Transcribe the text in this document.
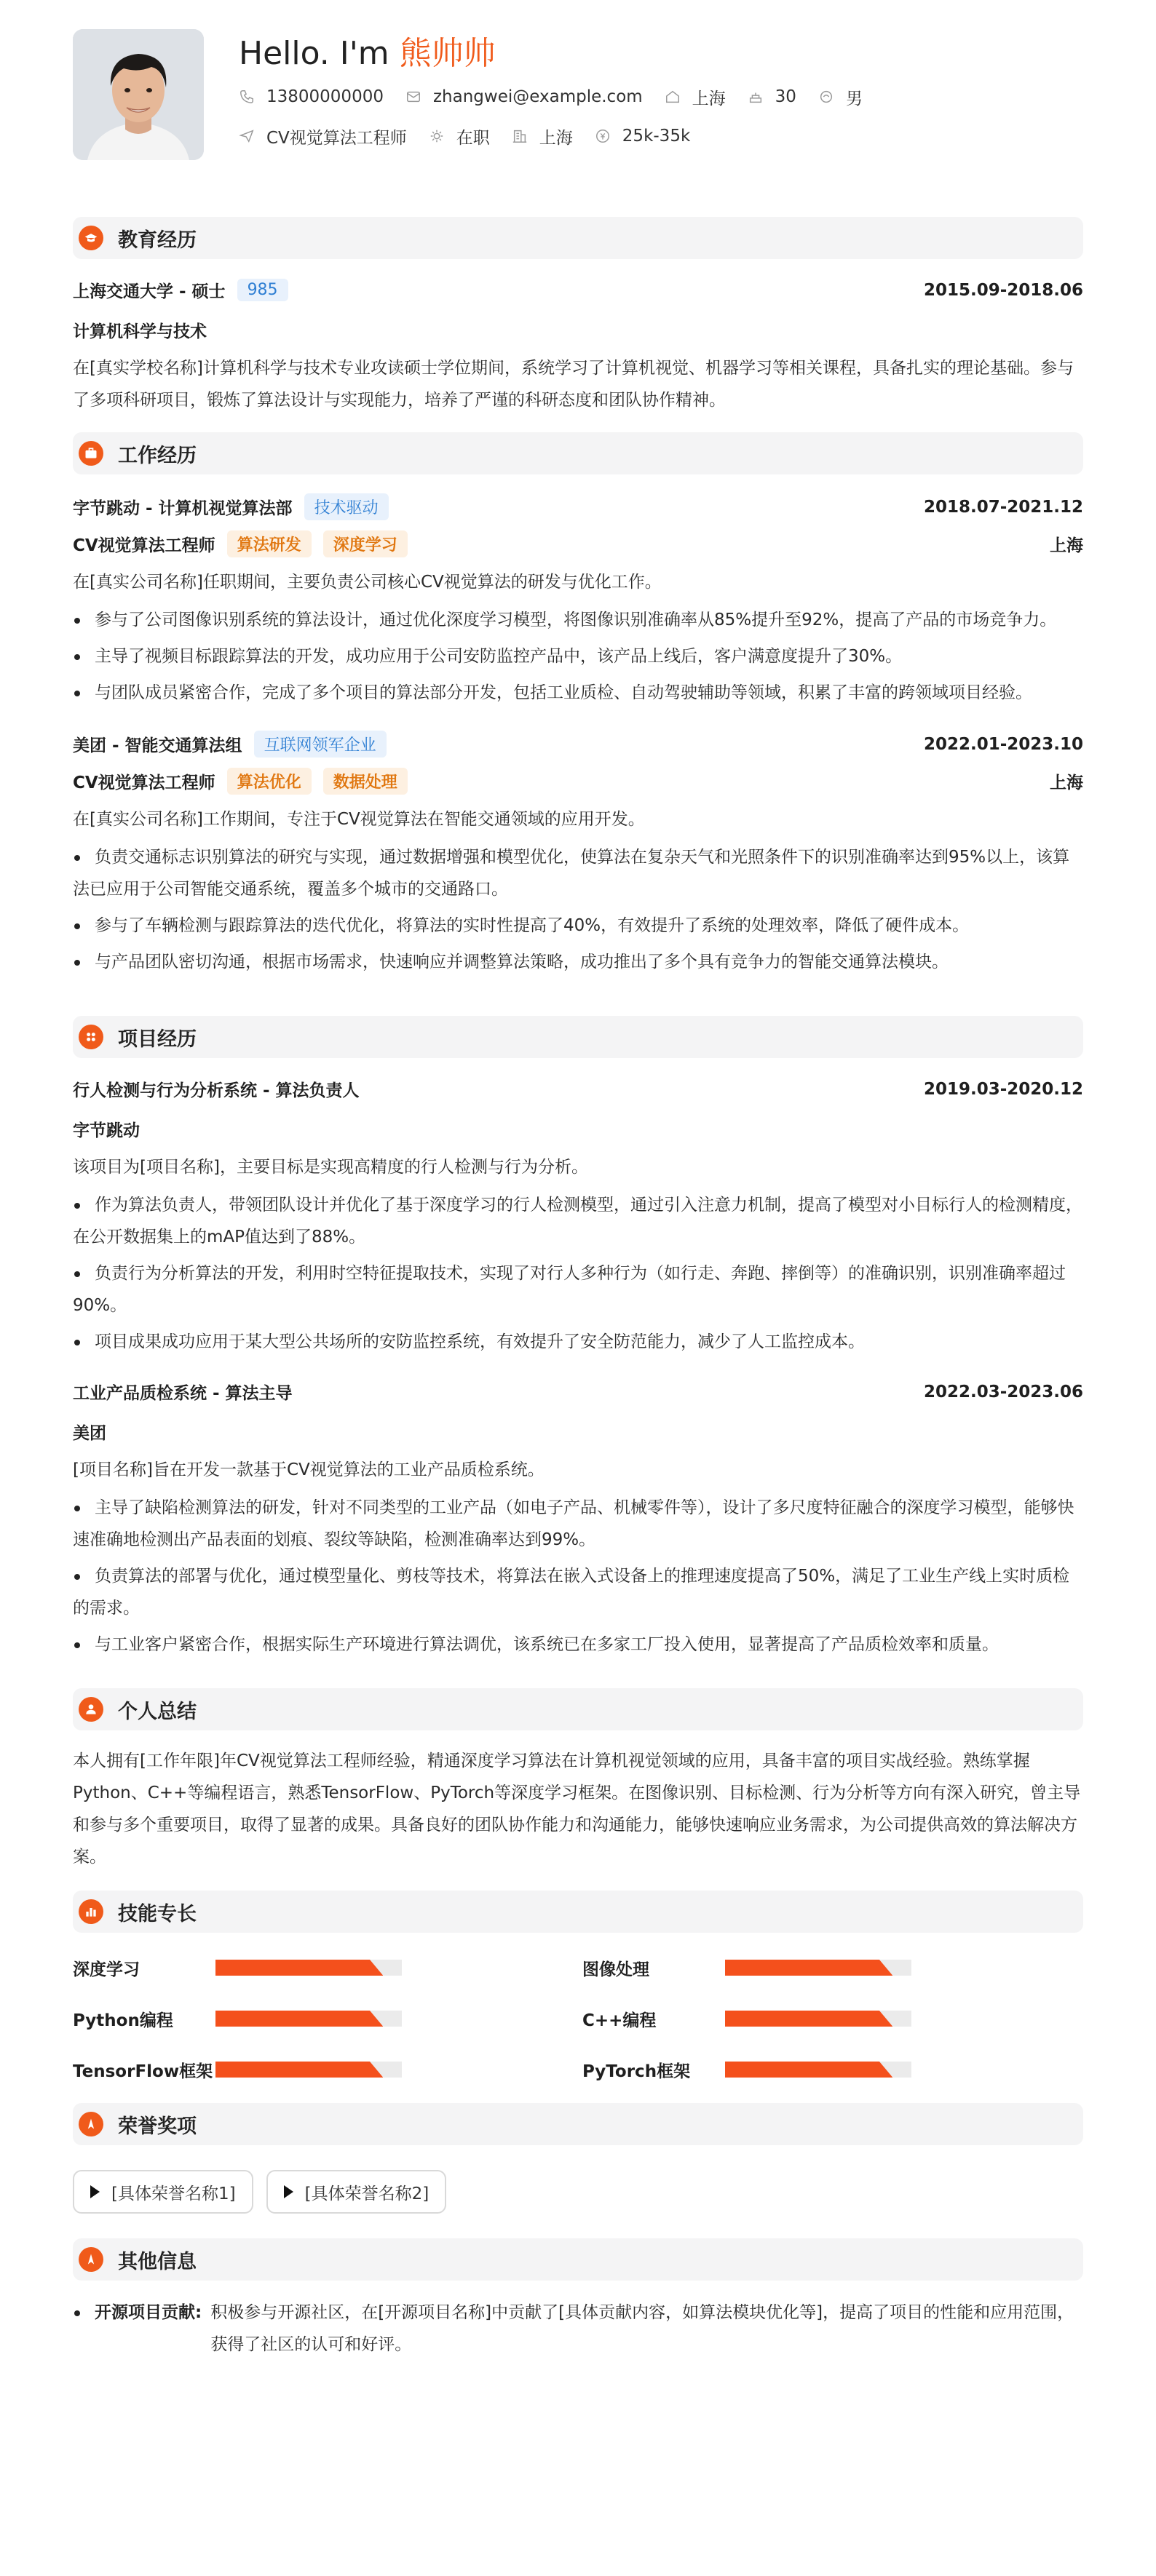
Hello. I'm 熊帅帅
13800000000	zhangwei@example.com	上海	30	男
CV视觉算法工程师	在职	上海	25k-35k
教育经历
上海交通大学 - 硕士	985	2015.09-2018.06
计算机科学与技术
在[真实学校名称]计算机科学与技术专业攻读硕士学位期间，系统学习了计算机视觉、机器学习等相关课程，具备扎实的理论基础。参与了多项科研项目，锻炼了算法设计与实现能力，培养了严谨的科研态度和团队协作精神。
工作经历
字节跳动 - 计算机视觉算法部	技术驱动	2018.07-2021.12
CV视觉算法工程师	算法研发	深度学习	上海
在[真实公司名称]任职期间，主要负责公司核心CV视觉算法的研发与优化工作。
参与了公司图像识别系统的算法设计，通过优化深度学习模型，将图像识别准确率从85%提升至92%，提高了产品的市场竞争力。
主导了视频目标跟踪算法的开发，成功应用于公司安防监控产品中，该产品上线后，客户满意度提升了30%。
与团队成员紧密合作，完成了多个项目的算法部分开发，包括工业质检、自动驾驶辅助等领域，积累了丰富的跨领域项目经验。
美团 - 智能交通算法组	互联网领军企业	2022.01-2023.10
CV视觉算法工程师	算法优化	数据处理	上海
在[真实公司名称]工作期间，专注于CV视觉算法在智能交通领域的应用开发。
负责交通标志识别算法的研究与实现，通过数据增强和模型优化，使算法在复杂天气和光照条件下的识别准确率达到95%以上，该算法已应用于公司智能交通系统，覆盖多个城市的交通路口。
参与了车辆检测与跟踪算法的迭代优化，将算法的实时性提高了40%，有效提升了系统的处理效率，降低了硬件成本。
与产品团队密切沟通，根据市场需求，快速响应并调整算法策略，成功推出了多个具有竞争力的智能交通算法模块。
项目经历
行人检测与行为分析系统 - 算法负责人	2019.03-2020.12
字节跳动
该项目为[项目名称]，主要目标是实现高精度的行人检测与行为分析。
作为算法负责人，带领团队设计并优化了基于深度学习的行人检测模型，通过引入注意力机制，提高了模型对小目标行人的检测精度，在公开数据集上的mAP值达到了88%。
负责行为分析算法的开发，利用时空特征提取技术，实现了对行人多种行为（如行走、奔跑、摔倒等）的准确识别，识别准确率超过90%。
项目成果成功应用于某大型公共场所的安防监控系统，有效提升了安全防范能力，减少了人工监控成本。
工业产品质检系统 - 算法主导	2022.03-2023.06
美团
[项目名称]旨在开发一款基于CV视觉算法的工业产品质检系统。
主导了缺陷检测算法的研发，针对不同类型的工业产品（如电子产品、机械零件等），设计了多尺度特征融合的深度学习模型，能够快速准确地检测出产品表面的划痕、裂纹等缺陷，检测准确率达到99%。
负责算法的部署与优化，通过模型量化、剪枝等技术，将算法在嵌入式设备上的推理速度提高了50%，满足了工业生产线上实时质检的需求。
与工业客户紧密合作，根据实际生产环境进行算法调优，该系统已在多家工厂投入使用，显著提高了产品质检效率和质量。
个人总结
本人拥有[工作年限]年CV视觉算法工程师经验，精通深度学习算法在计算机视觉领域的应用，具备丰富的项目实战经验。熟练掌握Python、C++等编程语言，熟悉TensorFlow、PyTorch等深度学习框架。在图像识别、目标检测、行为分析等方向有深入研究，曾主导和参与多个重要项目，取得了显著的成果。具备良好的团队协作能力和沟通能力，能够快速响应业务需求，为公司提供高效的算法解决方案。
技能专长
深度学习	图像处理
Python编程	C++编程
TensorFlow框架	PyTorch框架
荣誉奖项
[具体荣誉名称1]	[具体荣誉名称2]
其他信息
开源项目贡献: 积极参与开源社区，在[开源项目名称]中贡献了[具体贡献内容，如算法模块优化等]，提高了项目的性能和应用范围，获得了社区的认可和好评。
